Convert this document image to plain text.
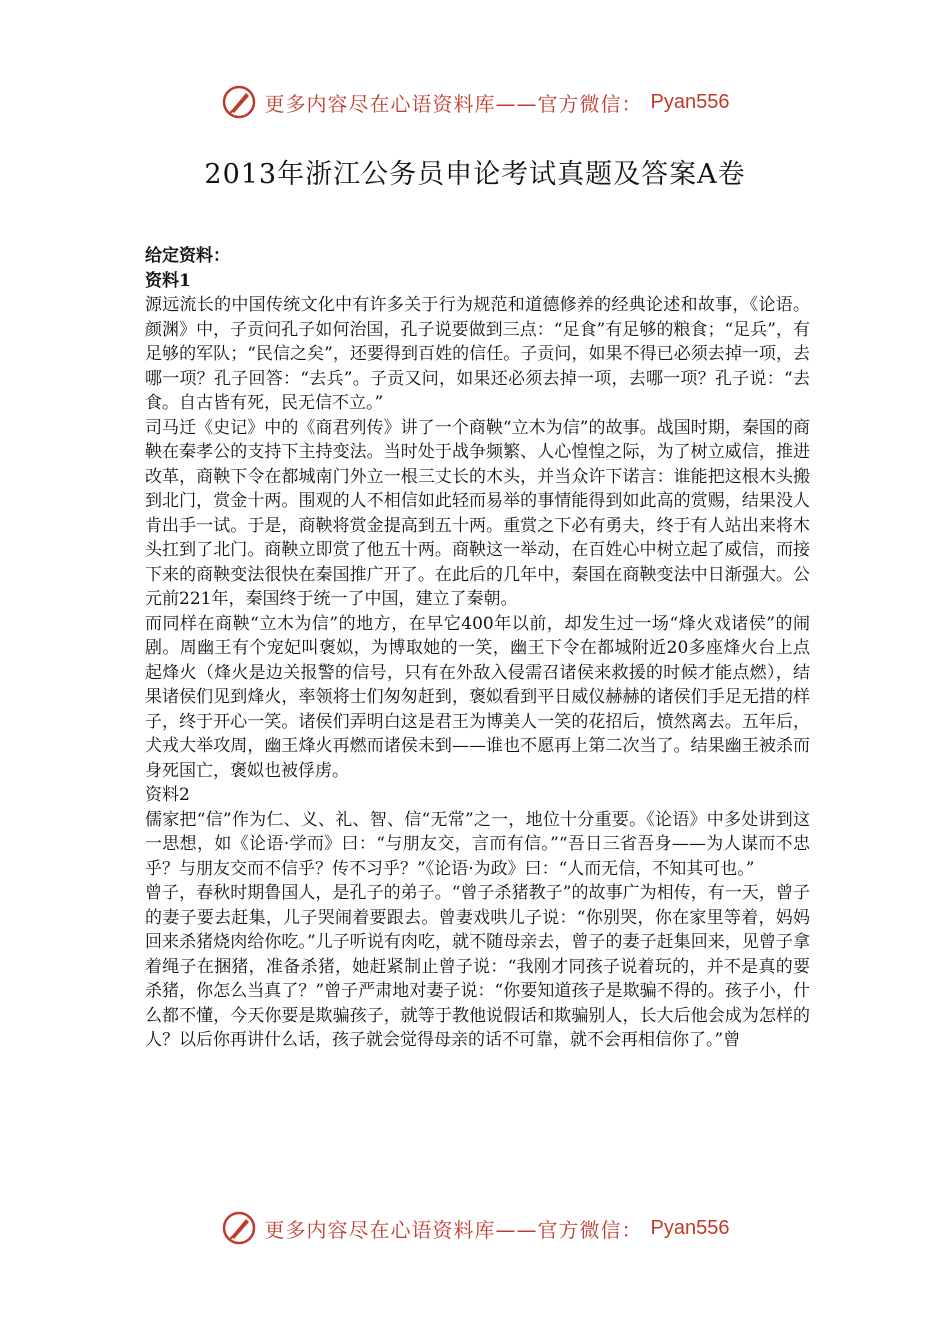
更多内容尽在心语资料库——官方微信： Pyan556
2013年浙江公务员申论考试真题及答案A卷

给定资料：

资料1

源远流长的中国传统文化中有许多关于行为规范和道德修养的经典论述和故事，《论语。颜渊》中，子贡问孔子如何治国，孔子说要做到三点：“足食”有足够的粮食；“足兵”，有足够的军队；“民信之矣”，还要得到百姓的信任。子贡问，如果不得已必须去掉一项，去哪一项？孔子回答：“去兵”。子贡又问，如果还必须去掉一项，去哪一项？孔子说：“去食。自古皆有死，民无信不立。”

司马迁《史记》中的《商君列传》讲了一个商鞅“立木为信”的故事。战国时期，秦国的商鞅在秦孝公的支持下主持变法。当时处于战争频繁、人心惶惶之际，为了树立威信，推进改革，商鞅下令在都城南门外立一根三丈长的木头，并当众许下诺言：谁能把这根木头搬到北门，赏金十两。围观的人不相信如此轻而易举的事情能得到如此高的赏赐，结果没人肯出手一试。于是，商鞅将赏金提高到五十两。重赏之下必有勇夫，终于有人站出来将木头扛到了北门。商鞅立即赏了他五十两。商鞅这一举动，在百姓心中树立起了威信，而接下来的商鞅变法很快在秦国推广开了。在此后的几年中，秦国在商鞅变法中日渐强大。公元前221年，秦国终于统一了中国，建立了秦朝。

而同样在商鞅“立木为信”的地方，在早它400年以前，却发生过一场“烽火戏诸侯”的闹剧。周幽王有个宠妃叫褒姒，为博取她的一笑，幽王下令在都城附近20多座烽火台上点起烽火（烽火是边关报警的信号，只有在外敌入侵需召诸侯来救援的时候才能点燃），结果诸侯们见到烽火，率领将士们匆匆赶到，褒姒看到平日威仪赫赫的诸侯们手足无措的样子，终于开心一笑。诸侯们弄明白这是君王为博美人一笑的花招后，愤然离去。五年后，犬戎大举攻周，幽王烽火再燃而诸侯未到——谁也不愿再上第二次当了。结果幽王被杀而身死国亡，褒姒也被俘虏。

资料2

儒家把“信”作为仁、义、礼、智、信“无常”之一，地位十分重要。《论语》中多处讲到这一思想，如《论语·学而》曰：“与朋友交，言而有信。”“吾日三省吾身——为人谋而不忠乎？与朋友交而不信乎？传不习乎？”《论语·为政》曰：“人而无信，不知其可也。”

曾子，春秋时期鲁国人，是孔子的弟子。“曾子杀猪教子”的故事广为相传，有一天，曾子的妻子要去赶集，儿子哭闹着要跟去。曾妻戏哄儿子说：“你别哭，你在家里等着，妈妈回来杀猪烧肉给你吃。”儿子听说有肉吃，就不随母亲去，曾子的妻子赶集回来，见曾子拿着绳子在捆猪，准备杀猪，她赶紧制止曾子说：“我刚才同孩子说着玩的，并不是真的要杀猪，你怎么当真了？”曾子严肃地对妻子说：“你要知道孩子是欺骗不得的。孩子小，什么都不懂，今天你要是欺骗孩子，就等于教他说假话和欺骗别人，长大后他会成为怎样的人？以后你再讲什么话，孩子就会觉得母亲的话不可靠，就不会再相信你了。”曾

更多内容尽在心语资料库——官方微信： Pyan556
